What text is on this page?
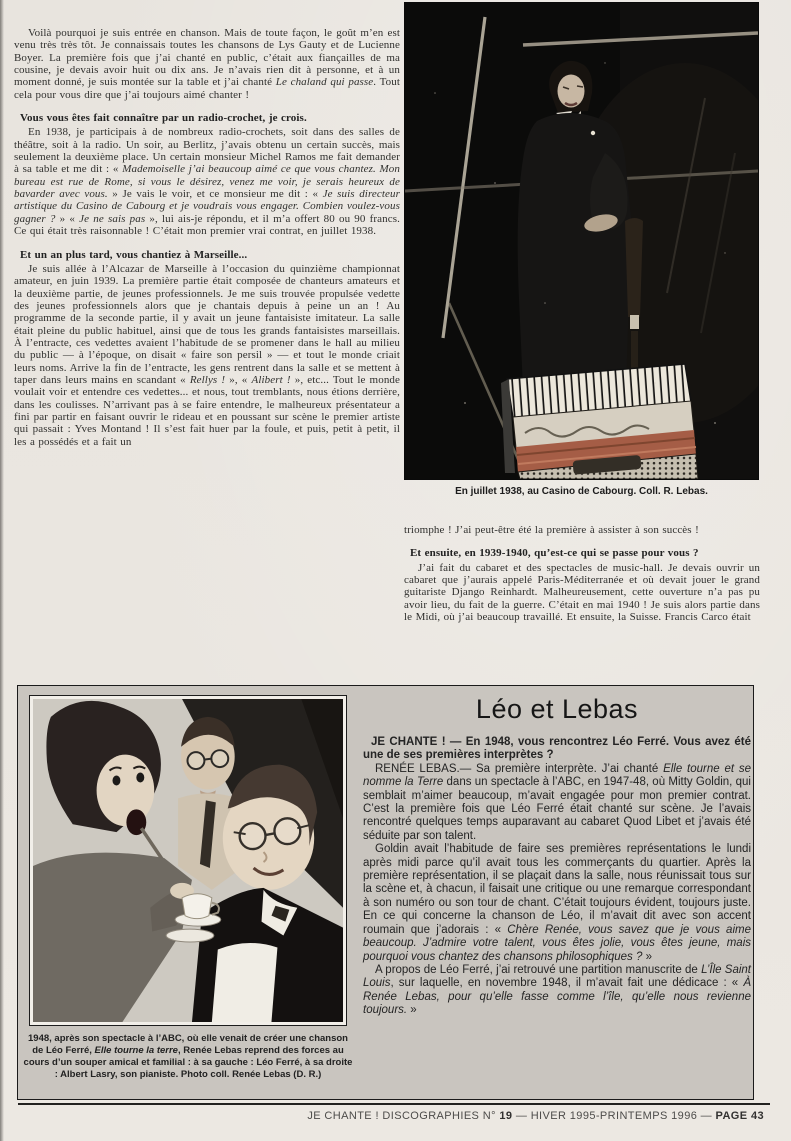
Voilà pourquoi je suis entrée en chanson. Mais de toute façon, le goût m’en est venu très très tôt. Je connaissais toutes les chansons de Lys Gauty et de Lucienne Boyer. La première fois que j’ai chanté en public, c’était aux fiançailles de ma cousine, je devais avoir huit ou dix ans. Je n’avais rien dit à personne, et à un moment donné, je suis montée sur la table et j’ai chanté Le chaland qui passe. Tout cela pour vous dire que j’ai toujours aimé chanter !

Vous vous êtes fait connaître par un radio-crochet, je crois.

En 1938, je participais à de nombreux radio-crochets, soit dans des salles de théâtre, soit à la radio. Un soir, au Berlitz, j’avais obtenu un certain succès, mais seulement la deuxième place. Un certain monsieur Michel Ramos me fait demander à sa table et me dit : « Mademoiselle j’ai beaucoup aimé ce que vous chantez. Mon bureau est rue de Rome, si vous le désirez, venez me voir, je serais heureux de bavarder avec vous. » Je vais le voir, et ce monsieur me dit : « Je suis directeur artistique du Casino de Cabourg et je voudrais vous engager. Combien voulez-vous gagner ? » « Je ne sais pas », lui ais-je répondu, et il m’a offert 80 ou 90 francs. Ce qui était très raisonnable ! C’était mon premier vrai contrat, en juillet 1938.

Et un an plus tard, vous chantiez à Marseille...

Je suis allée à l’Alcazar de Marseille à l’occasion du quinzième championnat amateur, en juin 1939. La première partie était composée de chanteurs amateurs et la deuxième partie, de jeunes professionnels. Je me suis trouvée propulsée vedette des jeunes professionnels alors que je chantais depuis à peine un an ! Au programme de la seconde partie, il y avait un jeune fantaisiste imitateur. La salle était pleine du public habituel, ainsi que de tous les grands fantaisistes marseillais. À l’entracte, ces vedettes avaient l’habitude de se promener dans le hall au milieu du public — à l’époque, on disait « faire son persil » — et tout le monde criait leurs noms. Arrive la fin de l’entracte, les gens rentrent dans la salle et se mettent à taper dans leurs mains en scandant « Rellys ! », « Alibert ! », etc... Tout le monde voulait voir et entendre ces vedettes... et nous, tout tremblants, nous étions derrière, dans les coulisses. N’arrivant pas à se faire entendre, le malheureux présentateur a fini par partir en faisant ouvrir le rideau et en poussant sur scène le premier artiste qui passait : Yves Montand ! Il s’est fait huer par la foule, et puis, petit à petit, il les a possédés et a fait un

En juillet 1938, au Casino de Cabourg. Coll. R. Lebas.

triomphe ! J’ai peut-être été la première à assister à son succès !

Et ensuite, en 1939-1940, qu’est-ce qui se passe pour vous ?

J’ai fait du cabaret et des spectacles de music-hall. Je devais ouvrir un cabaret que j’aurais appelé Paris-Méditerranée et où devait jouer le grand guitariste Django Reinhardt. Malheureusement, cette ouverture n’a pas pu avoir lieu, du fait de la guerre. C’était en mai 1940 ! Je suis alors partie dans le Midi, où j’ai beaucoup travaillé. Et ensuite, la Suisse. Francis Carco était

1948, après son spectacle à l’ABC, où elle venait de créer une chanson de Léo Ferré, Elle tourne la terre, Renée Lebas reprend des forces au cours d’un souper amical et familial : à sa gauche : Léo Ferré, à sa droite : Albert Lasry, son pianiste. Photo coll. Renée Lebas (D. R.)
Léo et Lebas

JE CHANTE ! — En 1948, vous rencontrez Léo Ferré. Vous avez été une de ses premières interprètes ?

RENÉE LEBAS.— Sa première interprète. J’ai chanté Elle tourne et se nomme la Terre dans un spectacle à l’ABC, en 1947-48, où Mitty Goldin, qui semblait m’aimer beaucoup, m’avait engagée pour mon premier contrat. C’est la première fois que Léo Ferré était chanté sur scène. Je l’avais rencontré quelques temps auparavant au cabaret Quod Libet et j’avais été séduite par son talent.

Goldin avait l’habitude de faire ses premières représentations le lundi après midi parce qu’il avait tous les commerçants du quartier. Après la première représentation, il se plaçait dans la salle, nous réunissait tous sur la scène et, à chacun, il faisait une critique ou une remarque correspondant à son numéro ou son tour de chant. C’était toujours évident, toujours juste. En ce qui concerne la chanson de Léo, il m’avait dit avec son accent roumain que j’adorais : « Chère Renée, vous savez que je vous aime beaucoup. J’admire votre talent, vous êtes jolie, vous êtes jeune, mais pourquoi vous chantez des chansons philosophiques ? »

A propos de Léo Ferré, j’ai retrouvé une partition manuscrite de L’Île Saint Louis, sur laquelle, en novembre 1948, il m’avait fait une dédicace : « À Renée Lebas, pour qu’elle fasse comme l’île, qu’elle nous revienne toujours. »

JE CHANTE ! DISCOGRAPHIES N° 19 — HIVER 1995-PRINTEMPS 1996 — PAGE 43
